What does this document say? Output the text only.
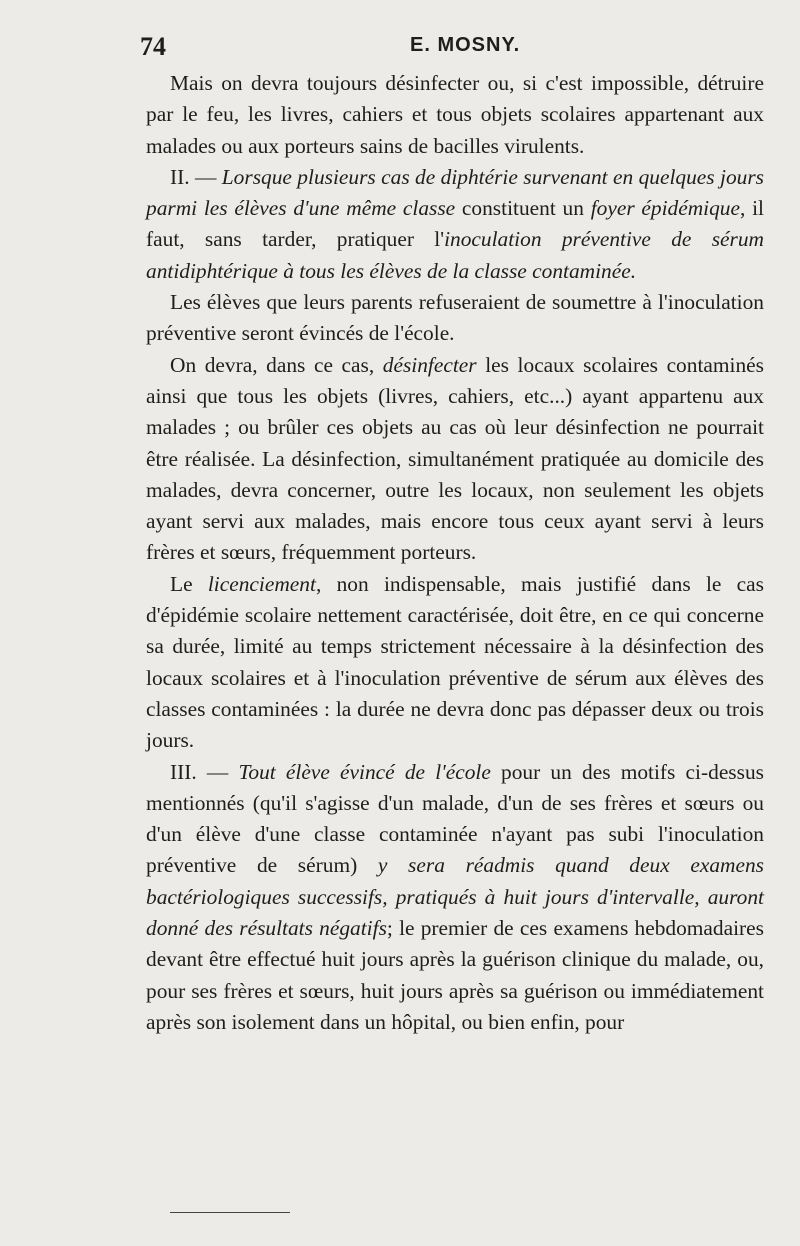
74	E. MOSNY.

Mais on devra toujours désinfecter ou, si c'est impossible, détruire par le feu, les livres, cahiers et tous objets scolaires appartenant aux malades ou aux porteurs sains de bacilles virulents.

II. — Lorsque plusieurs cas de diphtérie survenant en quelques jours parmi les élèves d'une même classe constituent un foyer épidémique, il faut, sans tarder, pratiquer l'inoculation préventive de sérum antidiphtérique à tous les élèves de la classe contaminée.

Les élèves que leurs parents refuseraient de soumettre à l'inoculation préventive seront évincés de l'école.

On devra, dans ce cas, désinfecter les locaux scolaires contaminés ainsi que tous les objets (livres, cahiers, etc...) ayant appartenu aux malades ; ou brûler ces objets au cas où leur désinfection ne pourrait être réalisée. La désinfection, simultanément pratiquée au domicile des malades, devra concerner, outre les locaux, non seulement les objets ayant servi aux malades, mais encore tous ceux ayant servi à leurs frères et sœurs, fréquemment porteurs.

Le licenciement, non indispensable, mais justifié dans le cas d'épidémie scolaire nettement caractérisée, doit être, en ce qui concerne sa durée, limité au temps strictement nécessaire à la désinfection des locaux scolaires et à l'inoculation préventive de sérum aux élèves des classes contaminées : la durée ne devra donc pas dépasser deux ou trois jours.

III. — Tout élève évincé de l'école pour un des motifs ci-dessus mentionnés (qu'il s'agisse d'un malade, d'un de ses frères et sœurs ou d'un élève d'une classe contaminée n'ayant pas subi l'inoculation préventive de sérum) y sera réadmis quand deux examens bactériologiques successifs, pratiqués à huit jours d'intervalle, auront donné des résultats négatifs; le premier de ces examens hebdomadaires devant être effectué huit jours après la guérison clinique du malade, ou, pour ses frères et sœurs, huit jours après sa guérison ou immédiatement après son isolement dans un hôpital, ou bien enfin, pour
